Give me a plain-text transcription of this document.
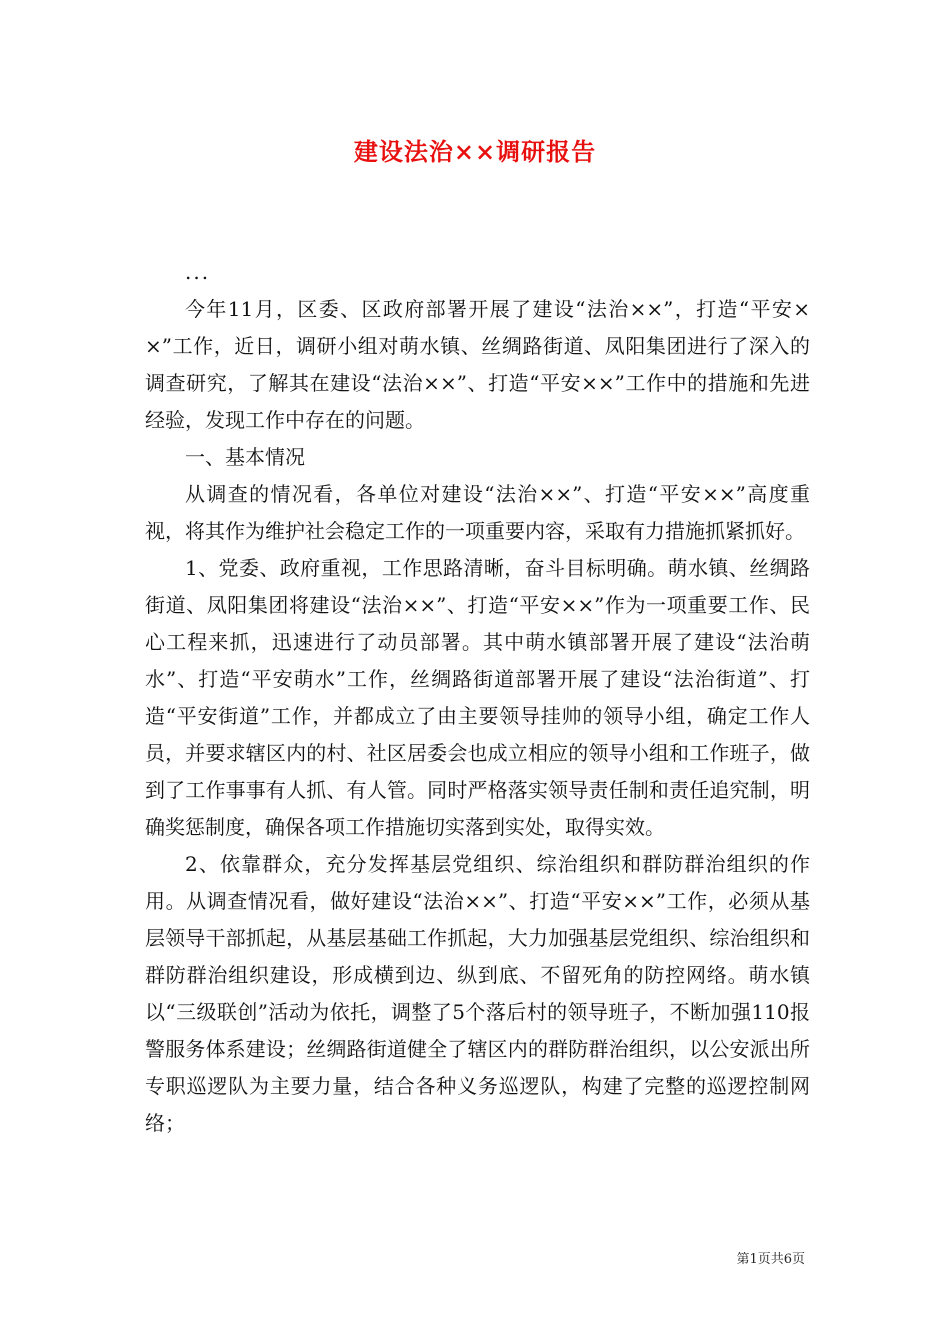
建设法治××调研报告

...

今年11月，区委、区政府部署开展了建设“法治××”，打造“平安××”工作，近日，调研小组对萌水镇、丝绸路街道、凤阳集团进行了深入的调查研究，了解其在建设“法治××”、打造“平安××”工作中的措施和先进经验，发现工作中存在的问题。

一、基本情况

从调查的情况看，各单位对建设“法治××”、打造“平安××”高度重视，将其作为维护社会稳定工作的一项重要内容，采取有力措施抓紧抓好。

1、党委、政府重视，工作思路清晰，奋斗目标明确。萌水镇、丝绸路街道、凤阳集团将建设“法治××”、打造“平安××”作为一项重要工作、民心工程来抓，迅速进行了动员部署。其中萌水镇部署开展了建设“法治萌水”、打造“平安萌水”工作，丝绸路街道部署开展了建设“法治街道”、打造“平安街道”工作，并都成立了由主要领导挂帅的领导小组，确定工作人员，并要求辖区内的村、社区居委会也成立相应的领导小组和工作班子，做到了工作事事有人抓、有人管。同时严格落实领导责任制和责任追究制，明确奖惩制度，确保各项工作措施切实落到实处，取得实效。

2、依靠群众，充分发挥基层党组织、综治组织和群防群治组织的作用。从调查情况看，做好建设“法治××”、打造“平安××”工作，必须从基层领导干部抓起，从基层基础工作抓起，大力加强基层党组织、综治组织和群防群治组织建设，形成横到边、纵到底、不留死角的防控网络。萌水镇以“三级联创”活动为依托，调整了5个落后村的领导班子，不断加强110报警服务体系建设；丝绸路街道健全了辖区内的群防群治组织，以公安派出所专职巡逻队为主要力量，结合各种义务巡逻队，构建了完整的巡逻控制网络；

第1页共6页
